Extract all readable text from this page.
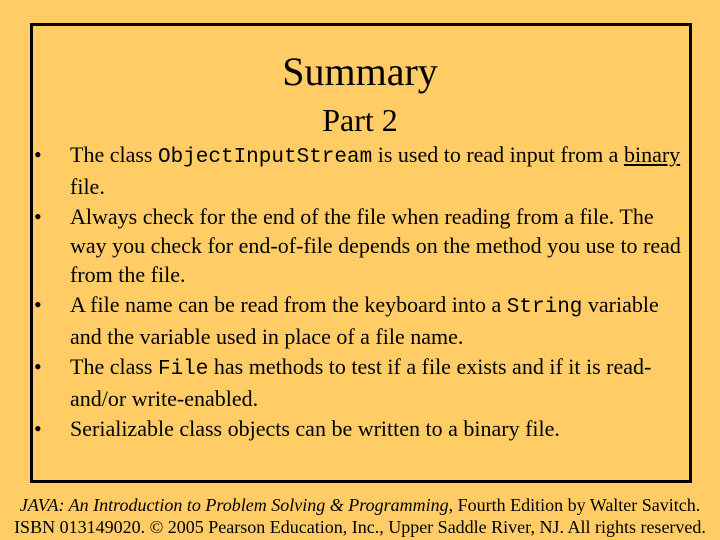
Summary
Part 2
•	The class ObjectInputStream is used to read input from a binary file.
•	Always check for the end of the file when reading from a file. The way you check for end-of-file depends on the method you use to read from the file.
•	A file name can be read from the keyboard into a String variable and the variable used in place of a file name.
•	The class File has methods to test if a file exists and if it is read- and/or write-enabled.
•	Serializable class objects can be written to a binary file.
JAVA: An Introduction to Problem Solving & Programming, Fourth Edition by Walter Savitch.
ISBN 013149020. © 2005 Pearson Education, Inc., Upper Saddle River, NJ. All rights reserved.
